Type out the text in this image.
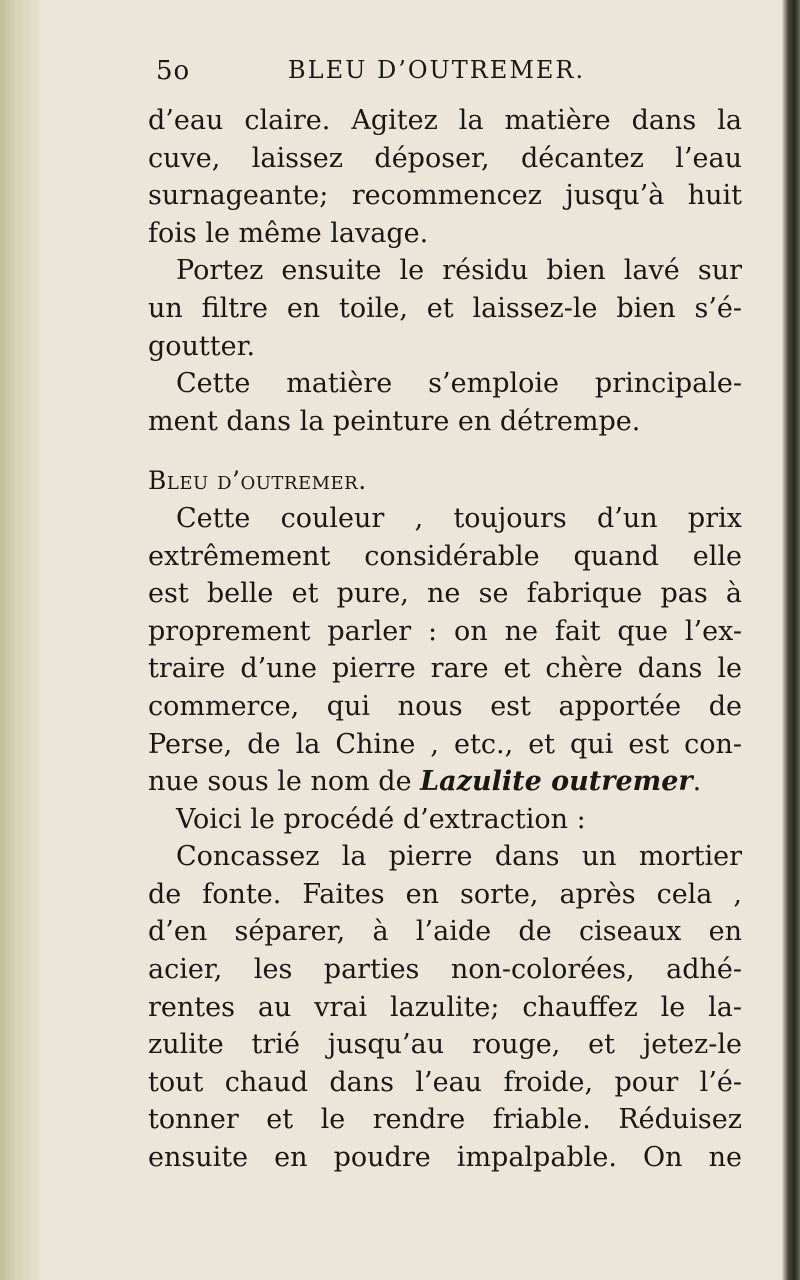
5o	BLEU D’OUTREMER.
d’eau claire. Agitez la matière dans la
cuve, laissez déposer, décantez l’eau
surnageante; recommencez jusqu’à huit
fois le même lavage.
Portez ensuite le résidu bien lavé sur
un filtre en toile, et laissez-le bien s’é-
goutter.
Cette matière s’emploie principale-
ment dans la peinture en détrempe.
Bleu d’outremer.
Cette couleur , toujours d’un prix
extrêmement considérable quand elle
est belle et pure, ne se fabrique pas à
proprement parler : on ne fait que l’ex-
traire d’une pierre rare et chère dans le
commerce, qui nous est apportée de
Perse, de la Chine , etc., et qui est con-
nue sous le nom de Lazulite outremer.
Voici le procédé d’extraction :
Concassez la pierre dans un mortier
de fonte. Faites en sorte, après cela ,
d’en séparer, à l’aide de ciseaux en
acier, les parties non-colorées, adhé-
rentes au vrai lazulite; chauffez le la-
zulite trié jusqu’au rouge, et jetez-le
tout chaud dans l’eau froide, pour l’é-
tonner et le rendre friable. Réduisez
ensuite en poudre impalpable. On ne
